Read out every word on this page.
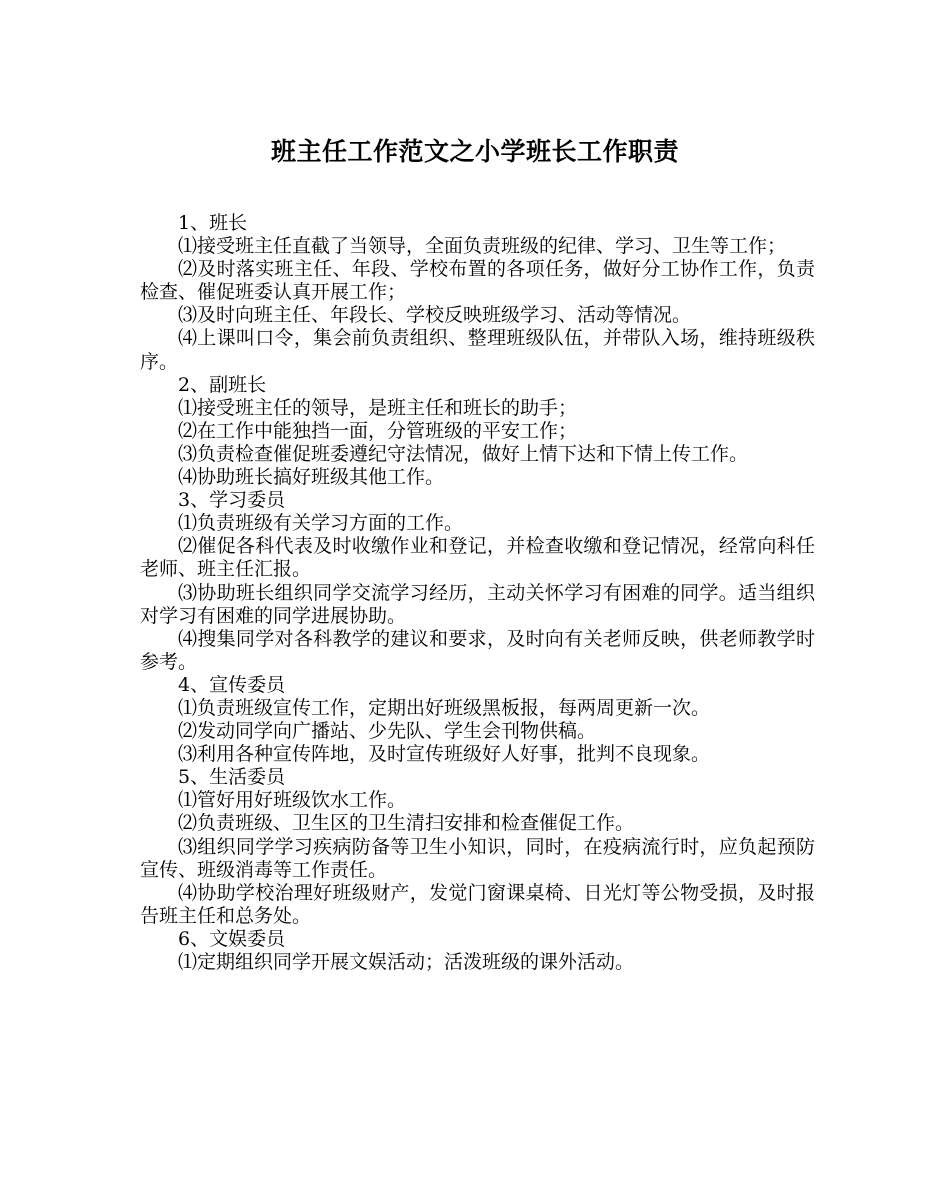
班主任工作范文之小学班长工作职责

1、班长

⑴接受班主任直截了当领导，全面负责班级的纪律、学习、卫生等工作；

⑵及时落实班主任、年段、学校布置的各项任务，做好分工协作工作，负责检查、催促班委认真开展工作；

⑶及时向班主任、年段长、学校反映班级学习、活动等情况。

⑷上课叫口令，集会前负责组织、整理班级队伍，并带队入场，维持班级秩序。

2、副班长

⑴接受班主任的领导，是班主任和班长的助手；

⑵在工作中能独挡一面，分管班级的平安工作；

⑶负责检查催促班委遵纪守法情况，做好上情下达和下情上传工作。

⑷协助班长搞好班级其他工作。

3、学习委员

⑴负责班级有关学习方面的工作。

⑵催促各科代表及时收缴作业和登记，并检查收缴和登记情况，经常向科任老师、班主任汇报。

⑶协助班长组织同学交流学习经历，主动关怀学习有困难的同学。适当组织对学习有困难的同学进展协助。

⑷搜集同学对各科教学的建议和要求，及时向有关老师反映，供老师教学时参考。

4、宣传委员

⑴负责班级宣传工作，定期出好班级黑板报，每两周更新一次。

⑵发动同学向广播站、少先队、学生会刊物供稿。

⑶利用各种宣传阵地，及时宣传班级好人好事，批判不良现象。

5、生活委员

⑴管好用好班级饮水工作。

⑵负责班级、卫生区的卫生清扫安排和检查催促工作。

⑶组织同学学习疾病防备等卫生小知识，同时，在疫病流行时，应负起预防宣传、班级消毒等工作责任。

⑷协助学校治理好班级财产，发觉门窗课桌椅、日光灯等公物受损，及时报告班主任和总务处。

6、文娱委员

⑴定期组织同学开展文娱活动；活泼班级的课外活动。
